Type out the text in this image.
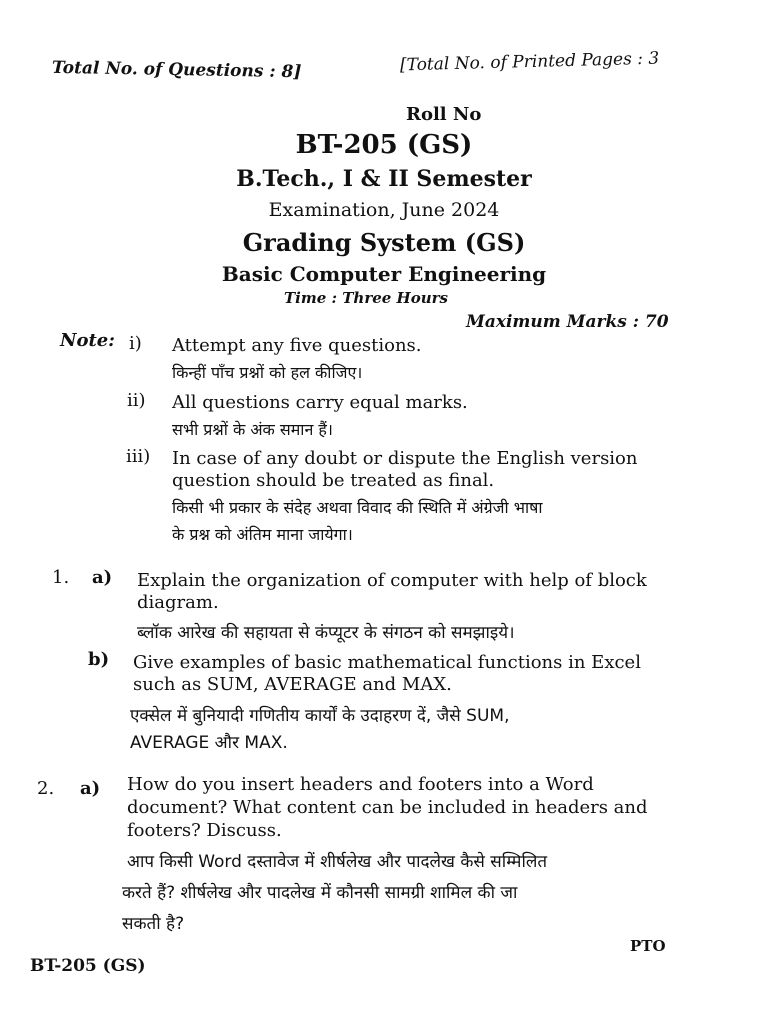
Total No. of Questions : 8]	[Total No. of Printed Pages : 3
Roll No
BT-205 (GS)
B.Tech., I & II Semester
Examination, June 2024
Grading System (GS)
Basic Computer Engineering
Time : Three Hours
Maximum Marks : 70
Note: i) Attempt any five questions.
किन्हीं पाँच प्रश्नों को हल कीजिए।
ii) All questions carry equal marks.
सभी प्रश्नों के अंक समान हैं।
iii) In case of any doubt or dispute the English version
question should be treated as final.
किसी भी प्रकार के संदेह अथवा विवाद की स्थिति में अंग्रेजी भाषा
के प्रश्न को अंतिम माना जायेगा।
1. a) Explain the organization of computer with help of block
diagram.
ब्लॉक आरेख की सहायता से कंप्यूटर के संगठन को समझाइये।
b) Give examples of basic mathematical functions in Excel
such as SUM, AVERAGE and MAX.
एक्सेल में बुनियादी गणितीय कार्यों के उदाहरण दें, जैसे SUM,
AVERAGE और MAX.
2. a) How do you insert headers and footers into a Word
document? What content can be included in headers and
footers? Discuss.
आप किसी Word दस्तावेज में शीर्षलेख और पादलेख कैसे सम्मिलित
करते हैं? शीर्षलेख और पादलेख में कौनसी सामग्री शामिल की जा
सकती है?
PTO
BT-205 (GS)
